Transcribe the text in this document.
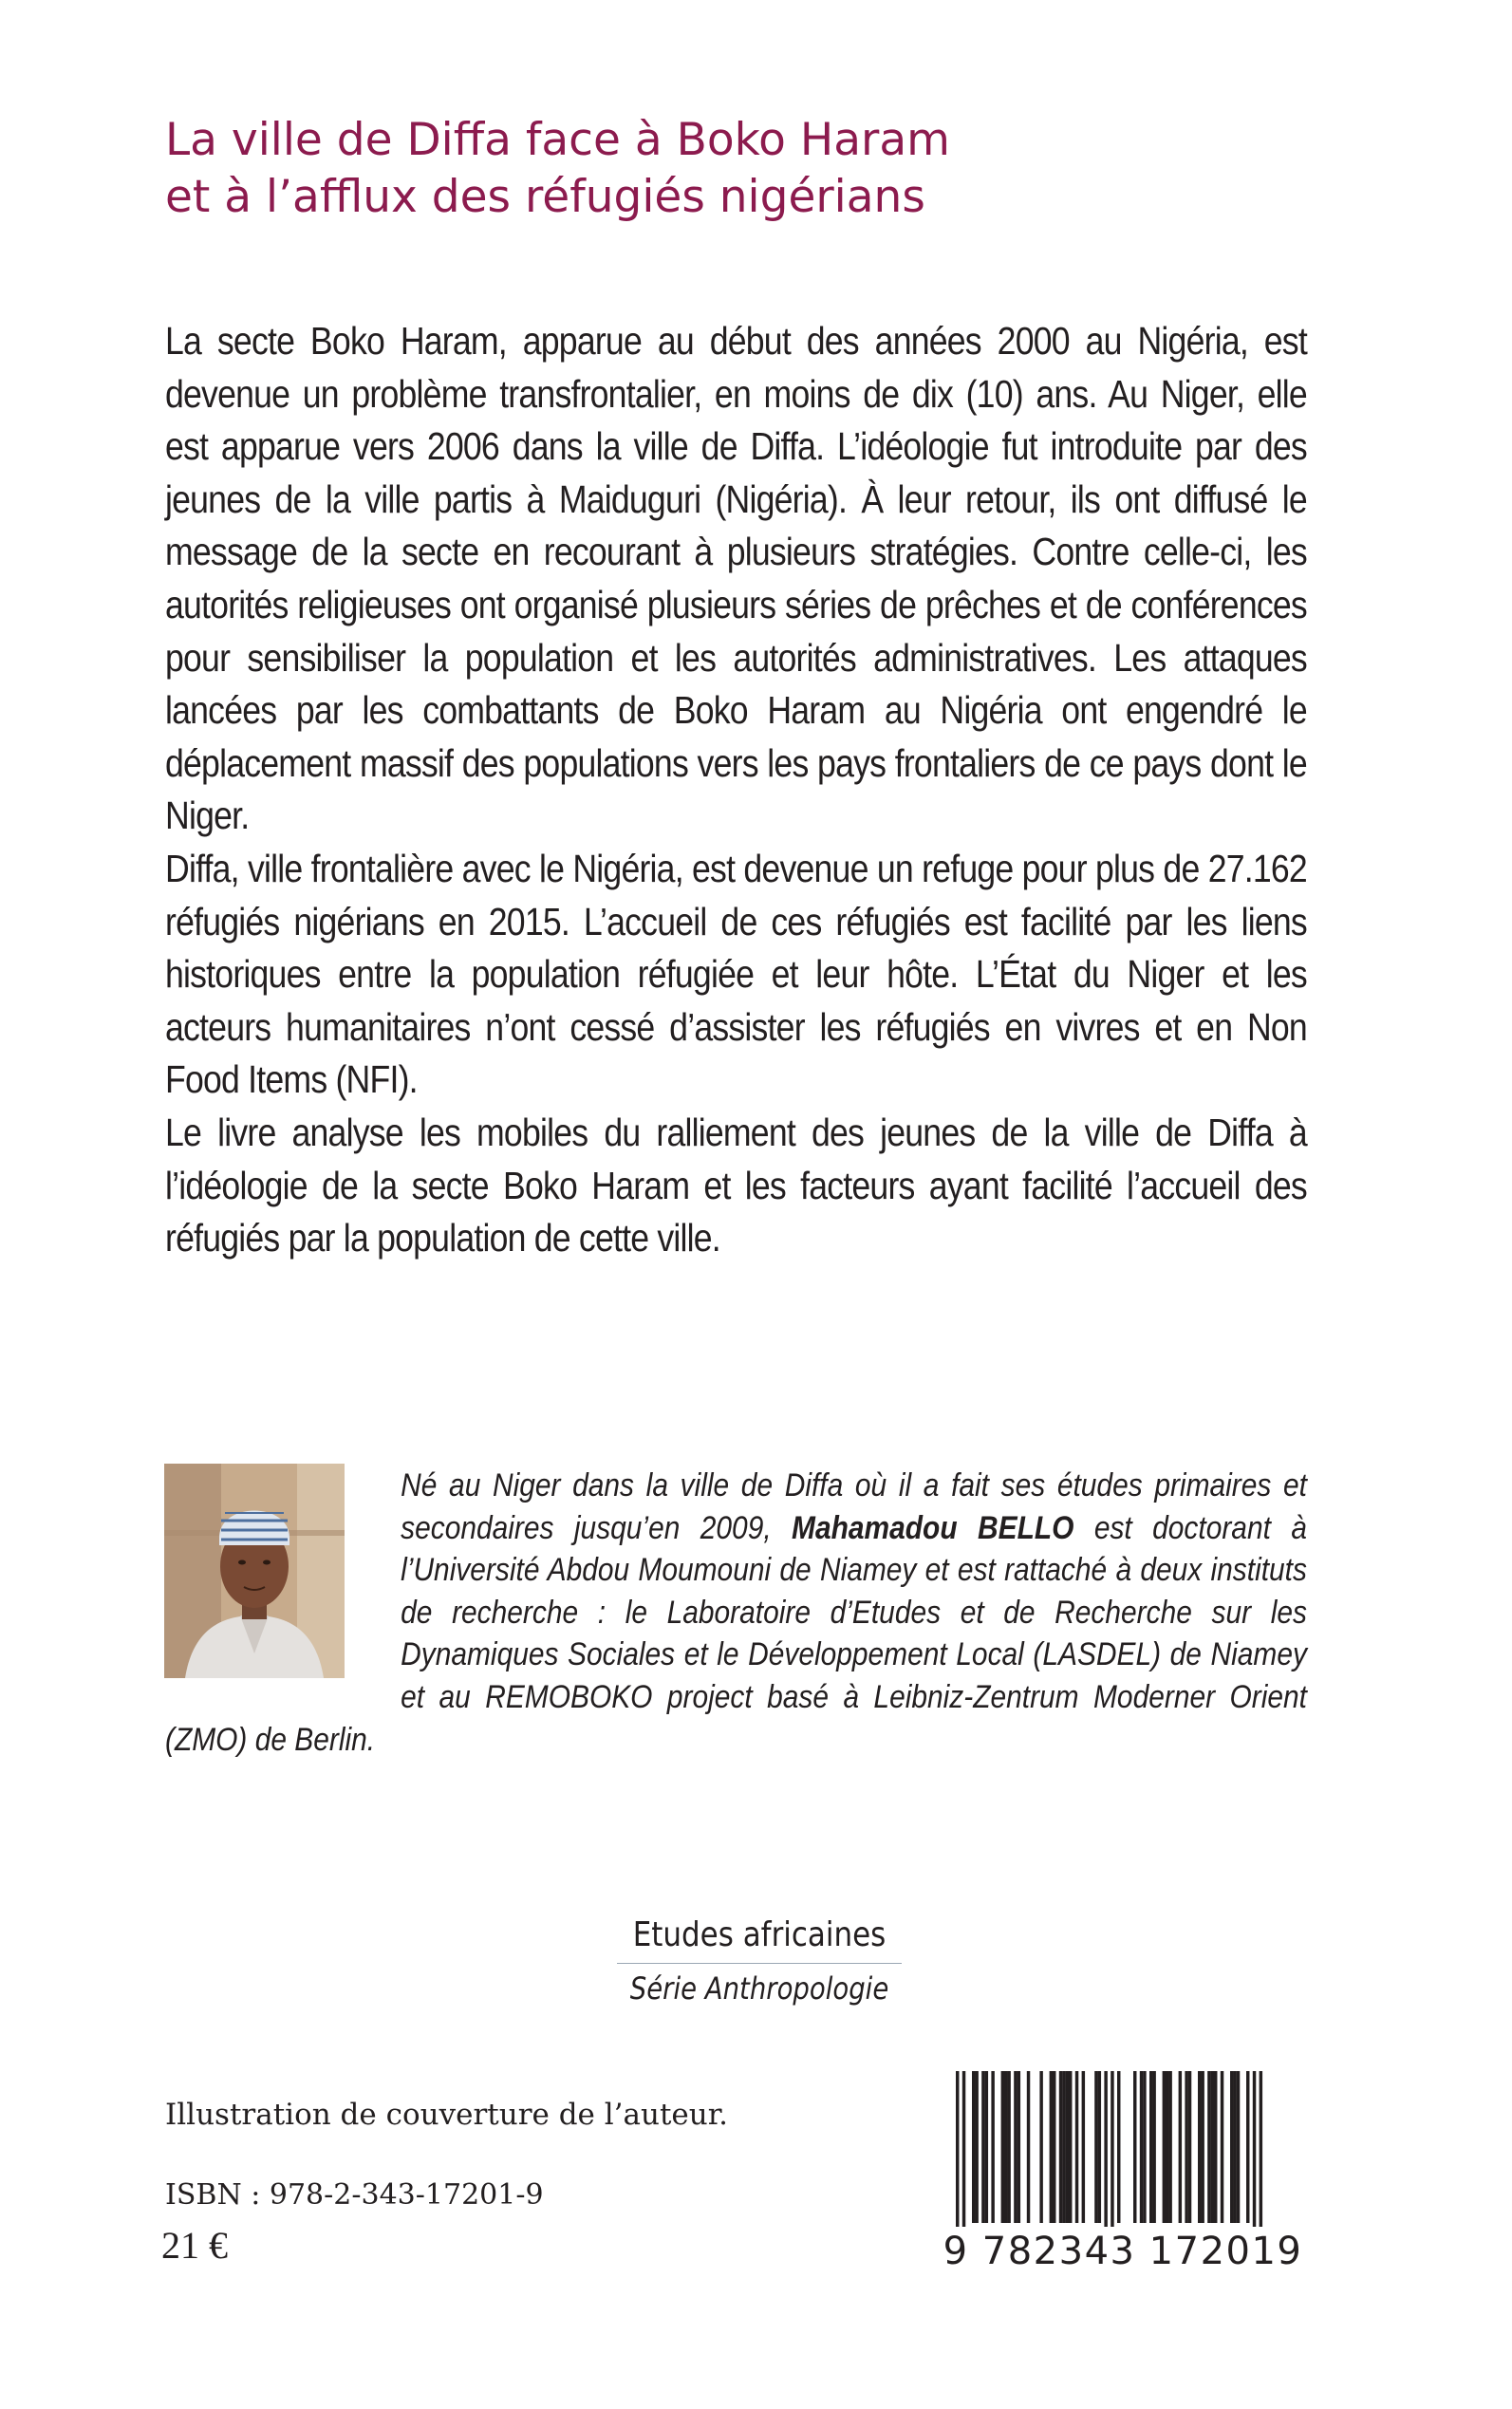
La ville de Diffa face à Boko Haram
et à l’afflux des réfugiés nigérians

La secte Boko Haram, apparue au début des années 2000 au Nigéria, est devenue un problème transfrontalier, en moins de dix (10) ans. Au Niger, elle est apparue vers 2006 dans la ville de Diffa. L’idéologie fut introduite par des jeunes de la ville partis à Maiduguri (Nigéria). À leur retour, ils ont diffusé le message de la secte en recourant à plusieurs stratégies. Contre celle-ci, les autorités religieuses ont organisé plusieurs séries de prêches et de conférences pour sensibiliser la population et les autorités administratives. Les attaques lancées par les combattants de Boko Haram au Nigéria ont engendré le déplacement massif des populations vers les pays frontaliers de ce pays dont le Niger.

Diffa, ville frontalière avec le Nigéria, est devenue un refuge pour plus de 27.162 réfugiés nigérians en 2015. L’accueil de ces réfugiés est facilité par les liens historiques entre la population réfugiée et leur hôte. L’État du Niger et les acteurs humanitaires n’ont cessé d’assister les réfugiés en vivres et en Non Food Items (NFI).

Le livre analyse les mobiles du ralliement des jeunes de la ville de Diffa à l’idéologie de la secte Boko Haram et les facteurs ayant facilité l’accueil des réfugiés par la population de cette ville.

Né au Niger dans la ville de Diffa où il a fait ses études primaires et secondaires jusqu’en 2009, Mahamadou BELLO est doctorant à l’Université Abdou Moumouni de Niamey et est rattaché à deux instituts de recherche : le Laboratoire d’Etudes et de Recherche sur les Dynamiques Sociales et le Développement Local (LASDEL) de Niamey et au REMOBOKO project basé à Leibniz-Zentrum Moderner Orient (ZMO) de Berlin.
Etudes africaines
Série Anthropologie
Illustration de couverture de l’auteur.
ISBN : 978-2-343-17201-9
21 €	9 782343 172019
